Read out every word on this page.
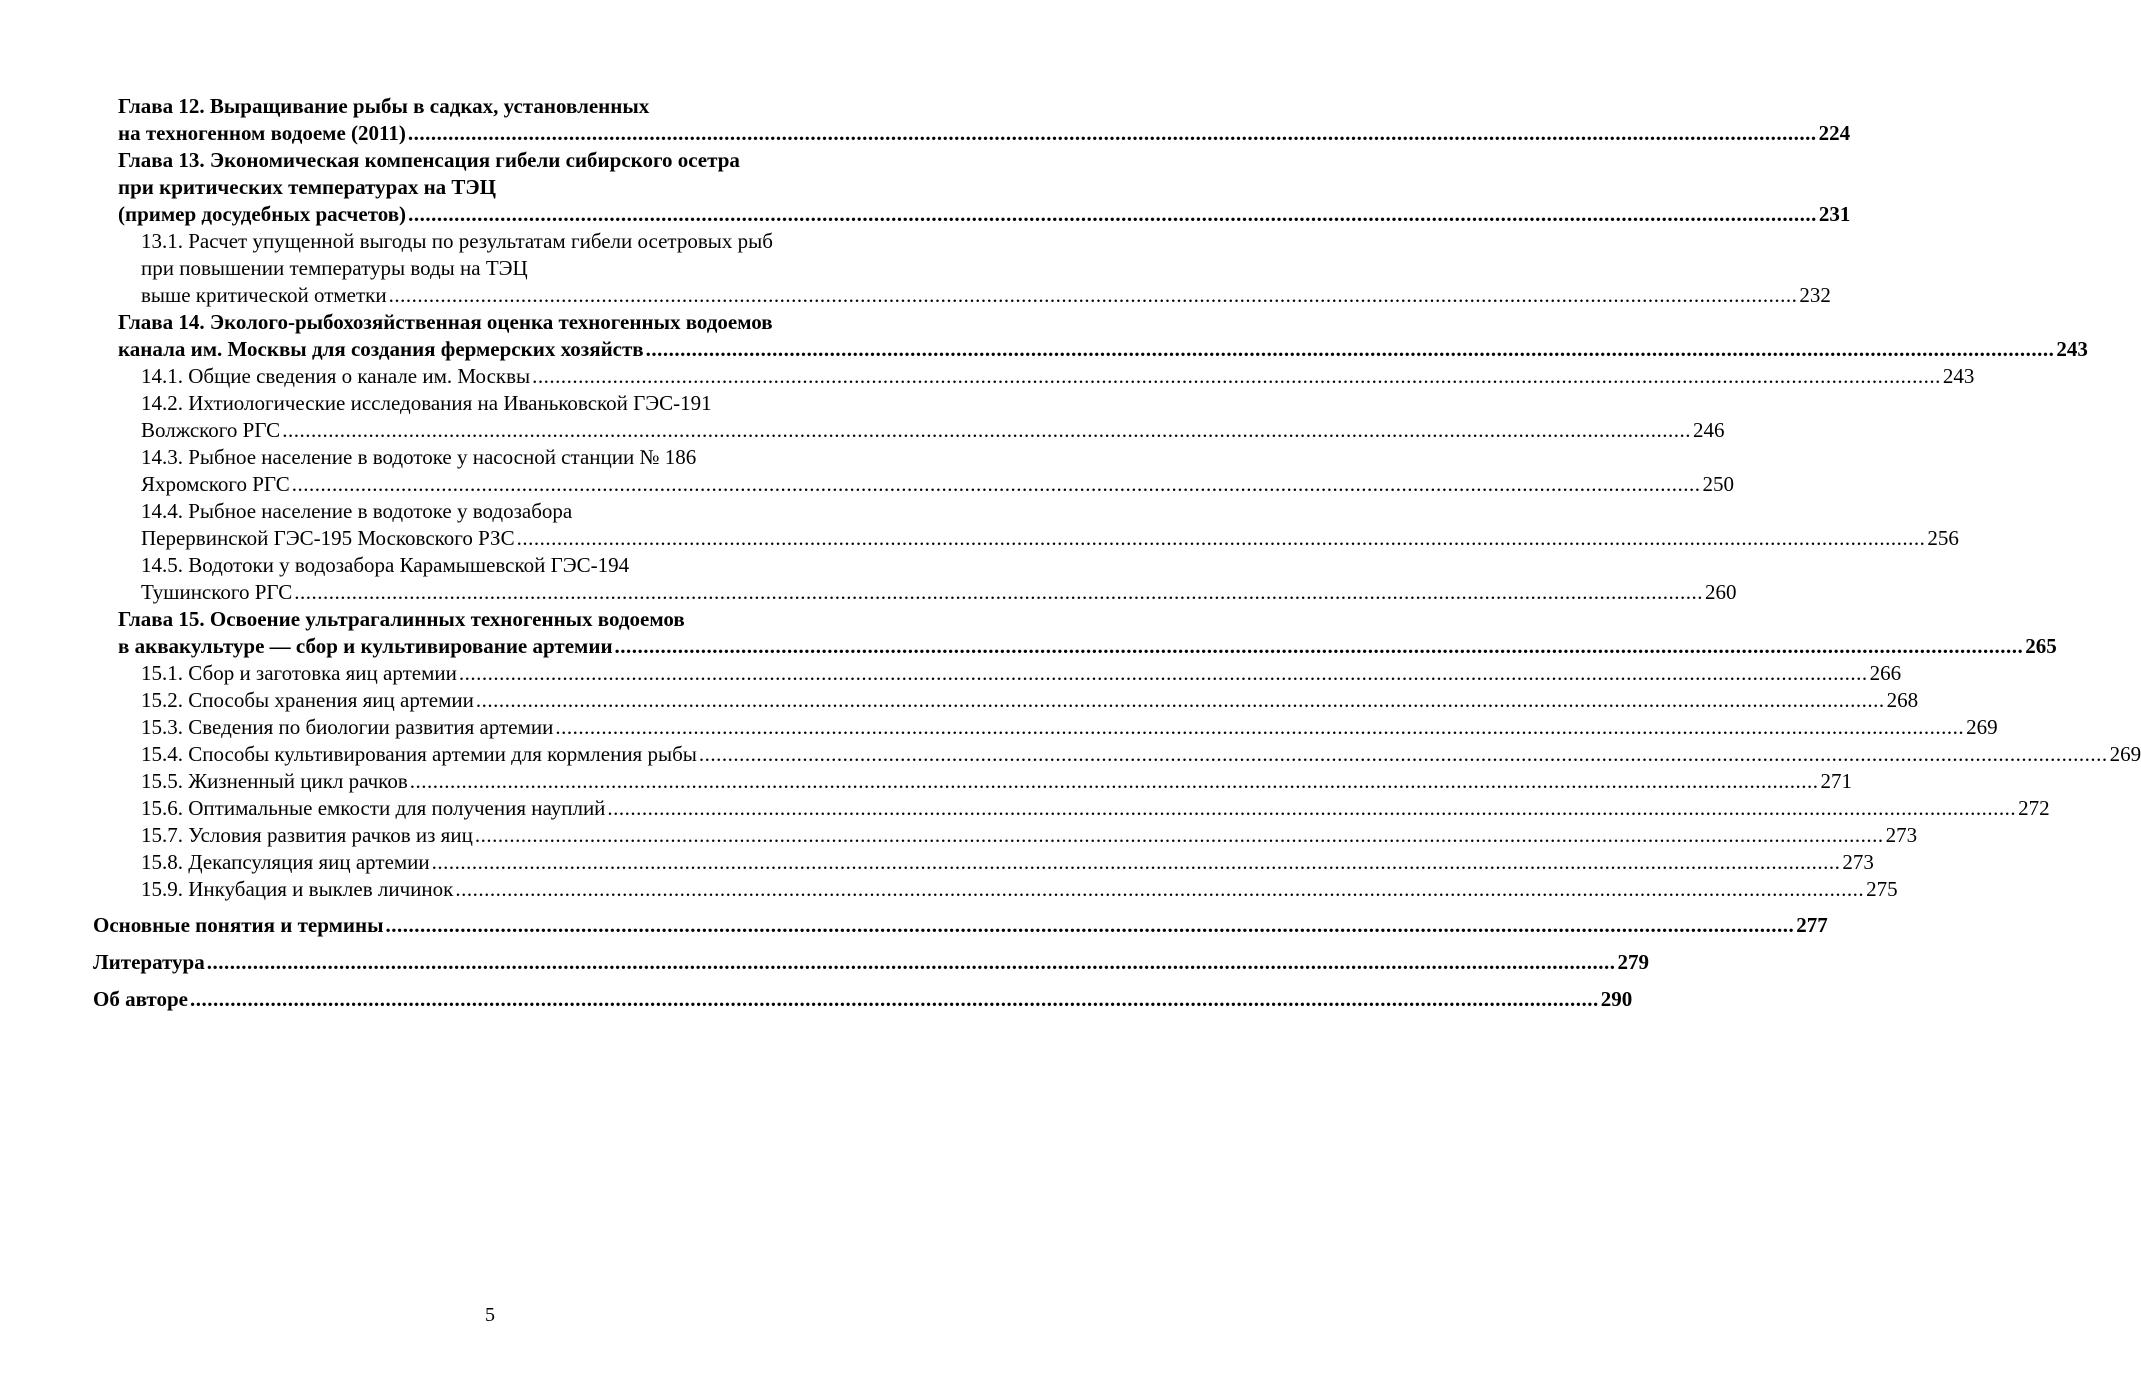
Глава 12. Выращивание рыбы в садках, установленных
на техногенном водоеме (2011) ..................................................................................................................................................................................................................................................... 224
Глава 13. Экономическая компенсация гибели сибирского осетра
при критических температурах на ТЭЦ
(пример досудебных расчетов) ..................................................................................................................................................................................................................................................... 231
13.1. Расчет упущенной выгоды по результатам гибели осетровых рыб
при повышении температуры воды на ТЭЦ
выше критической отметки ..................................................................................................................................................................................................................................................... 232
Глава 14. Эколого-рыбохозяйственная оценка техногенных водоемов
канала им. Москвы для создания фермерских хозяйств ..................................................................................................................................................................................................................................................... 243
14.1. Общие сведения о канале им. Москвы ..................................................................................................................................................................................................................................................... 243
14.2. Ихтиологические исследования на Иваньковской ГЭС-191
Волжского РГС ..................................................................................................................................................................................................................................................... 246
14.3. Рыбное население в водотоке у насосной станции № 186
Яхромского РГС ..................................................................................................................................................................................................................................................... 250
14.4. Рыбное население в водотоке у водозабора
Перервинской ГЭС-195 Московского РЗС ..................................................................................................................................................................................................................................................... 256
14.5. Водотоки у водозабора Карамышевской ГЭС-194
Тушинского РГС ..................................................................................................................................................................................................................................................... 260
Глава 15. Освоение ультрагалинных техногенных водоемов
в аквакультуре — сбор и культивирование артемии ..................................................................................................................................................................................................................................................... 265
15.1. Сбор и заготовка яиц артемии ..................................................................................................................................................................................................................................................... 266
15.2. Способы хранения яиц артемии ..................................................................................................................................................................................................................................................... 268
15.3. Сведения по биологии развития артемии ..................................................................................................................................................................................................................................................... 269
15.4. Способы культивирования артемии для кормления рыбы ..................................................................................................................................................................................................................................................... 269
15.5. Жизненный цикл рачков ..................................................................................................................................................................................................................................................... 271
15.6. Оптимальные емкости для получения науплий ..................................................................................................................................................................................................................................................... 272
15.7. Условия развития рачков из яиц ..................................................................................................................................................................................................................................................... 273
15.8. Декапсуляция яиц артемии ..................................................................................................................................................................................................................................................... 273
15.9. Инкубация и выклев личинок ..................................................................................................................................................................................................................................................... 275
Основные понятия и термины ..................................................................................................................................................................................................................................................... 277
Литература ..................................................................................................................................................................................................................................................... 279
Об авторе ..................................................................................................................................................................................................................................................... 290
5
